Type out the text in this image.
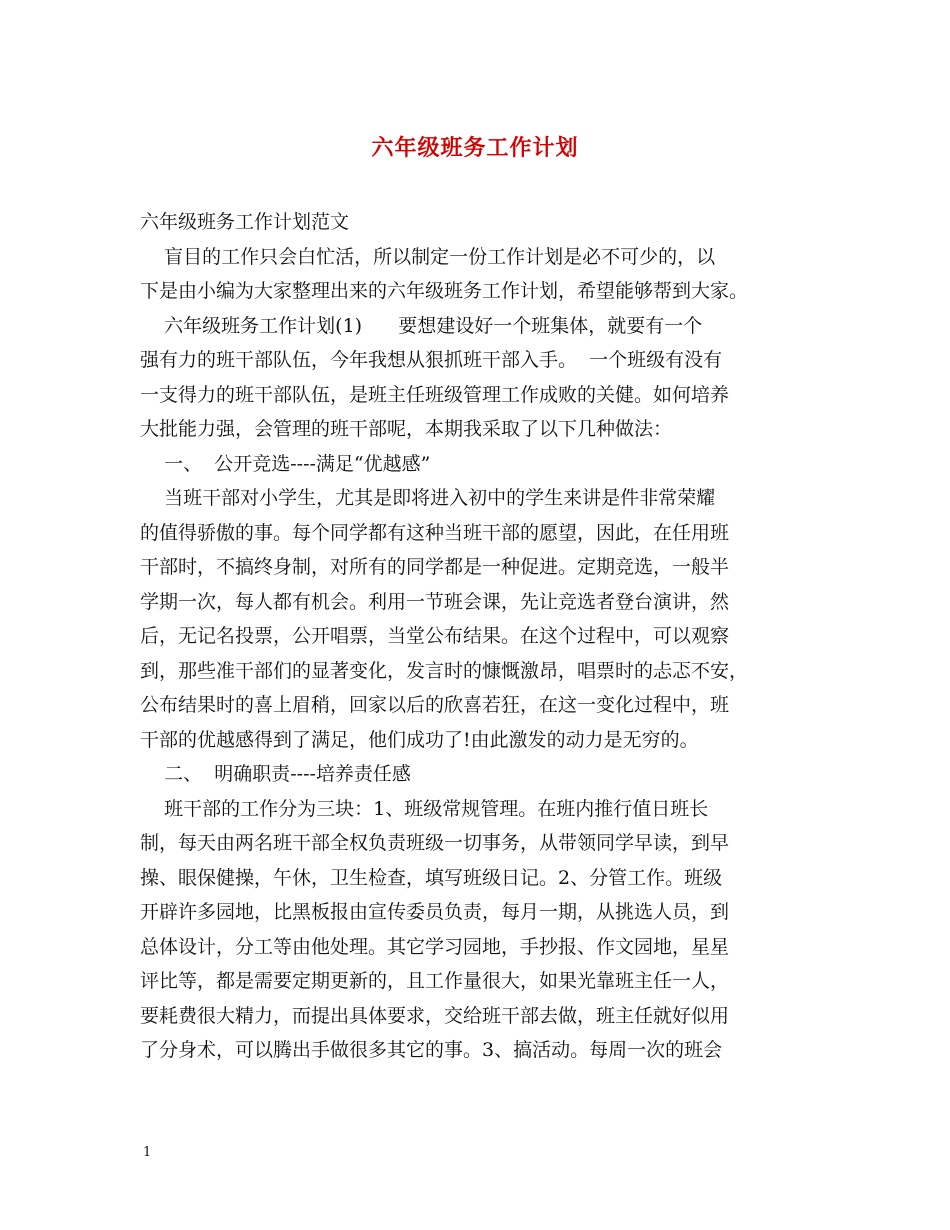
六年级班务工作计划
六年级班务工作计划范文
盲目的工作只会白忙活，所以制定一份工作计划是必不可少的，以
下是由小编为大家整理出来的六年级班务工作计划，希望能够帮到大家。
六年级班务工作计划(1)      要想建设好一个班集体，就要有一个
强有力的班干部队伍，今年我想从狠抓班干部入手。  一个班级有没有
一支得力的班干部队伍，是班主任班级管理工作成败的关健。如何培养
大批能力强，会管理的班干部呢，本期我采取了以下几种做法：
一、  公开竞选----满足“优越感”
当班干部对小学生，尤其是即将进入初中的学生来讲是件非常荣耀
的值得骄傲的事。每个同学都有这种当班干部的愿望，因此，在任用班
干部时，不搞终身制，对所有的同学都是一种促进。定期竞选，一般半
学期一次，每人都有机会。利用一节班会课，先让竞选者登台演讲，然
后，无记名投票，公开唱票，当堂公布结果。在这个过程中，可以观察
到，那些准干部们的显著变化，发言时的慷慨激昂，唱票时的忐忑不安，
公布结果时的喜上眉稍，回家以后的欣喜若狂，在这一变化过程中，班
干部的优越感得到了满足，他们成功了!由此激发的动力是无穷的。
二、  明确职责----培养责任感
班干部的工作分为三块：1、班级常规管理。在班内推行值日班长
制，每天由两名班干部全权负责班级一切事务，从带领同学早读，到早
操、眼保健操，午休，卫生检查，填写班级日记。2、分管工作。班级
开辟许多园地，比黑板报由宣传委员负责，每月一期，从挑选人员，到
总体设计，分工等由他处理。其它学习园地，手抄报、作文园地，星星
评比等，都是需要定期更新的，且工作量很大，如果光靠班主任一人，
要耗费很大精力，而提出具体要求，交给班干部去做，班主任就好似用
了分身术，可以腾出手做很多其它的事。3、搞活动。每周一次的班会
1
